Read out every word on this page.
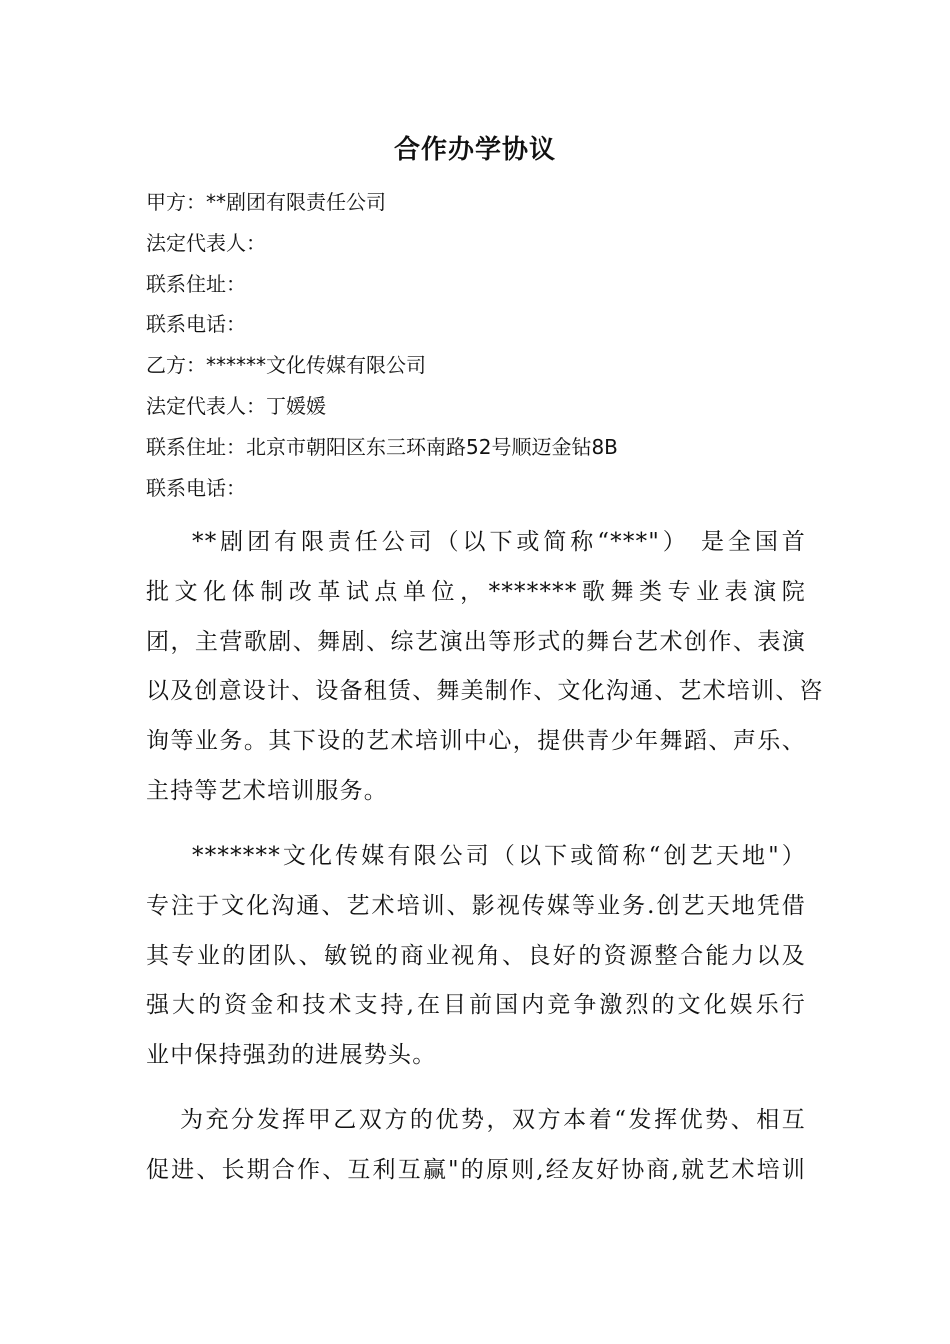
合作办学协议
甲方：**剧团有限责任公司
法定代表人：
联系住址：
联系电话：
乙方：******文化传媒有限公司
法定代表人：丁媛媛
联系住址：北京市朝阳区东三环南路52号顺迈金钻8B
联系电话：
**剧团有限责任公司（以下或简称“***"） 是全国首
批文化体制改革试点单位，*******歌舞类专业表演院
团，主营歌剧、舞剧、综艺演出等形式的舞台艺术创作、表演
以及创意设计、设备租赁、舞美制作、文化沟通、艺术培训、咨
询等业务。其下设的艺术培训中心，提供青少年舞蹈、声乐、
主持等艺术培训服务。
*******文化传媒有限公司（以下或简称“创艺天地"）
专注于文化沟通、艺术培训、影视传媒等业务.创艺天地凭借
其专业的团队、敏锐的商业视角、良好的资源整合能力以及
强大的资金和技术支持,在目前国内竞争激烈的文化娱乐行
业中保持强劲的进展势头。
为充分发挥甲乙双方的优势，双方本着“发挥优势、相互
促进、长期合作、互利互赢"的原则,经友好协商,就艺术培训
